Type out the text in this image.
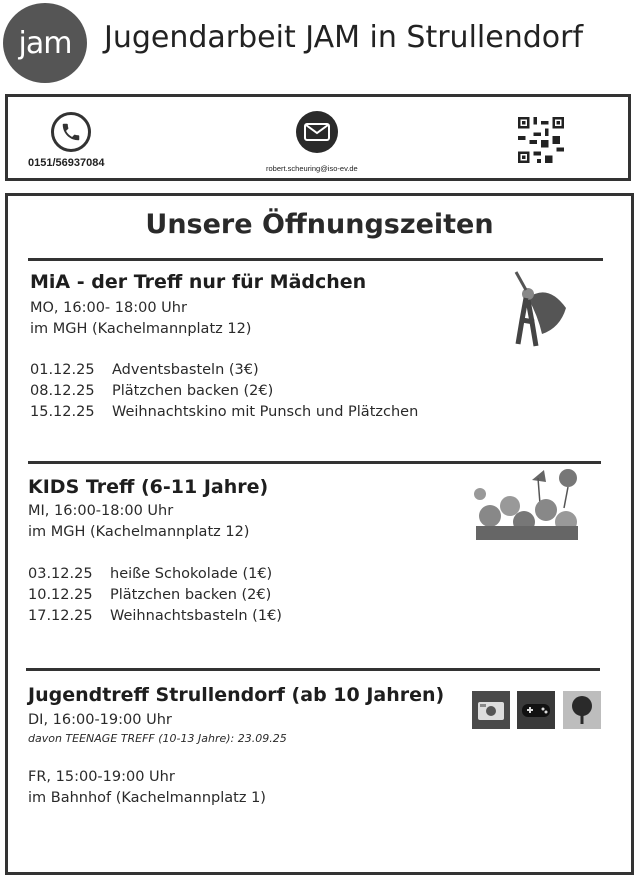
jam Jugendarbeit JAM in Strullendorf
0151/56937084	robert.scheuring@iso-ev.de
Unsere Öffnungszeiten
MiA - der Treff nur für Mädchen
MO, 16:00- 18:00 Uhr
im MGH (Kachelmannplatz 12)
01.12.25 Adventsbasteln (3€)
08.12.25 Plätzchen backen (2€)
15.12.25 Weihnachtskino mit Punsch und Plätzchen
KIDS Treff (6-11 Jahre)
MI, 16:00-18:00 Uhr
im MGH (Kachelmannplatz 12)
03.12.25 heiße Schokolade (1€)
10.12.25 Plätzchen backen (2€)
17.12.25 Weihnachtsbasteln (1€)
Jugendtreff Strullendorf (ab 10 Jahren)
DI, 16:00-19:00 Uhr
davon TEENAGE TREFF (10-13 Jahre): 23.09.25
FR, 15:00-19:00 Uhr
im Bahnhof (Kachelmannplatz 1)
